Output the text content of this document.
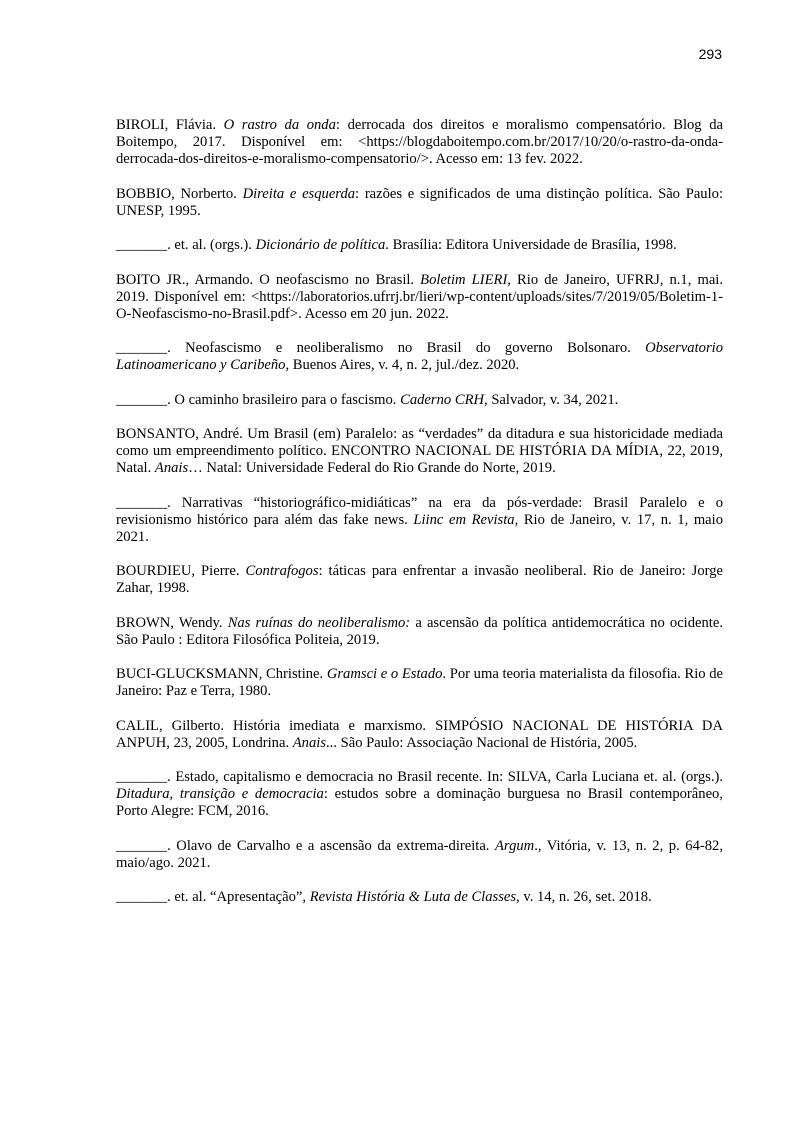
293

BIROLI, Flávia. O rastro da onda: derrocada dos direitos e moralismo compensatório. Blog da Boitempo, 2017. Disponível em: <https://blogdaboitempo.com.br/2017/10/20/o-rastro-da-onda-derrocada-dos-direitos-e-moralismo-compensatorio/>. Acesso em: 13 fev. 2022.

BOBBIO, Norberto. Direita e esquerda: razões e significados de uma distinção política. São Paulo: UNESP, 1995.

_______. et. al. (orgs.). Dicionário de política. Brasília: Editora Universidade de Brasília, 1998.

BOITO JR., Armando. O neofascismo no Brasil. Boletim LIERI, Rio de Janeiro, UFRRJ, n.1, mai. 2019. Disponível em: <https://laboratorios.ufrrj.br/lieri/wp-content/uploads/sites/7/2019/05/Boletim-1-O-Neofascismo-no-Brasil.pdf>. Acesso em 20 jun. 2022.

_______. Neofascismo e neoliberalismo no Brasil do governo Bolsonaro. Observatorio Latinoamericano y Caribeño, Buenos Aires, v. 4, n. 2, jul./dez. 2020.

_______. O caminho brasileiro para o fascismo. Caderno CRH, Salvador, v. 34, 2021.

BONSANTO, André. Um Brasil (em) Paralelo: as “verdades” da ditadura e sua historicidade mediada como um empreendimento político. ENCONTRO NACIONAL DE HISTÓRIA DA MÍDIA, 22, 2019, Natal. Anais… Natal: Universidade Federal do Rio Grande do Norte, 2019.

_______. Narrativas “historiográfico-midiáticas” na era da pós-verdade: Brasil Paralelo e o revisionismo histórico para além das fake news. Liinc em Revista, Rio de Janeiro, v. 17, n. 1, maio 2021.

BOURDIEU, Pierre. Contrafogos: táticas para enfrentar a invasão neoliberal. Rio de Janeiro: Jorge Zahar, 1998.

BROWN, Wendy. Nas ruínas do neoliberalismo: a ascensão da política antidemocrática no ocidente. São Paulo : Editora Filosófica Politeia, 2019.

BUCI-GLUCKSMANN, Christine. Gramsci e o Estado. Por uma teoria materialista da filosofia. Rio de Janeiro: Paz e Terra, 1980.

CALIL, Gilberto. História imediata e marxismo. SIMPÓSIO NACIONAL DE HISTÓRIA DA ANPUH, 23, 2005, Londrina. Anais... São Paulo: Associação Nacional de História, 2005.

_______. Estado, capitalismo e democracia no Brasil recente. In: SILVA, Carla Luciana et. al. (orgs.). Ditadura, transição e democracia: estudos sobre a dominação burguesa no Brasil contemporâneo, Porto Alegre: FCM, 2016.

_______. Olavo de Carvalho e a ascensão da extrema-direita. Argum., Vitória, v. 13, n. 2, p. 64-82, maio/ago. 2021.

_______. et. al. “Apresentação”, Revista História & Luta de Classes, v. 14, n. 26, set. 2018.
